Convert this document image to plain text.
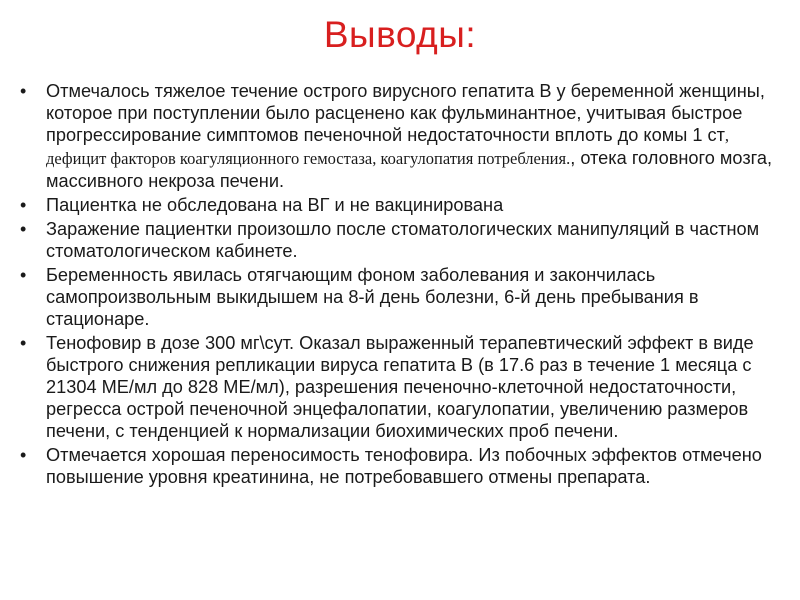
Выводы:
• Отмечалось тяжелое течение острого вирусного гепатита В у беременной женщины, которое при поступлении было расценено как фульминантное, учитывая быстрое прогрессирование симптомов печеночной недостаточности вплоть до комы 1 ст, дефицит факторов коагуляционного гемостаза, коагулопатия потребления., отека головного мозга, массивного некроза печени.
• Пациентка не обследована на ВГ и не вакцинирована
• Заражение пациентки произошло после стоматологических манипуляций в частном стоматологическом кабинете.
• Беременность явилась отягчающим фоном заболевания и закончилась самопроизвольным выкидышем на 8-й день болезни, 6-й день пребывания в стационаре.
• Тенофовир в дозе 300 мг\сут. Оказал выраженный терапевтический эффект в виде быстрого снижения репликации вируса гепатита В (в 17.6 раз в течение 1 месяца с 21304 МЕ/мл до 828 МЕ/мл), разрешения печеночно-клеточной недостаточности, регресса острой печеночной энцефалопатии, коагулопатии, увеличению размеров печени, с тенденцией к нормализации биохимических проб печени.
• Отмечается хорошая переносимость тенофовира. Из побочных эффектов отмечено повышение уровня креатинина, не потребовавшего отмены препарата.
